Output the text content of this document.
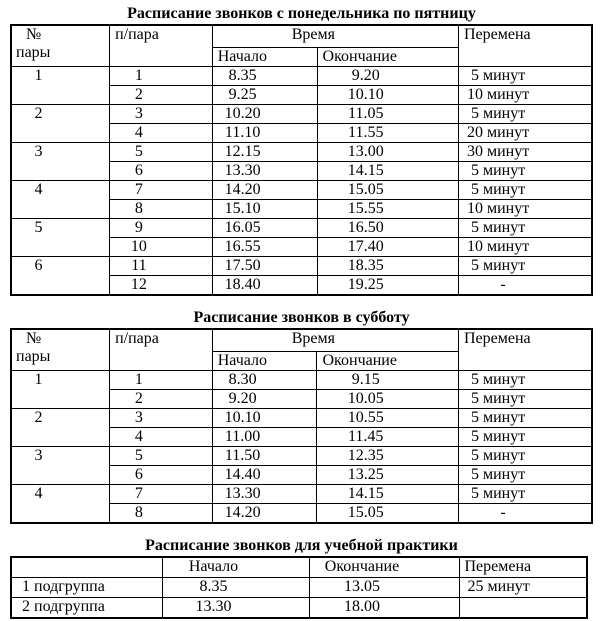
Расписание звонков с понедельника по пятницу
№
пары	п/пара	Время		Перемена
		Начало	Окончание	
1	1	8.35	9.20	5 минут
	2	9.25	10.10	10 минут
2	3	10.20	11.05	5 минут
	4	11.10	11.55	20 минут
3	5	12.15	13.00	30 минут
	6	13.30	14.15	5 минут
4	7	14.20	15.05	5 минут
	8	15.10	15.55	10 минут
5	9	16.05	16.50	5 минут
	10	16.55	17.40	10 минут
6	11	17.50	18.35	5 минут
	12	18.40	19.25	-
Расписание звонков в субботу
№
пары	п/пара	Время		Перемена
		Начало	Окончание	
1	1	8.30	9.15	5 минут
	2	9.20	10.05	5 минут
2	3	10.10	10.55	5 минут
	4	11.00	11.45	5 минут
3	5	11.50	12.35	5 минут
	6	14.40	13.25	5 минут
4	7	13.30	14.15	5 минут
	8	14.20	15.05	-
Расписание звонков для учебной практики
	Начало	Окончание	Перемена
1 подгруппа	8.35	13.05	25 минут
2 подгруппа	13.30	18.00	
